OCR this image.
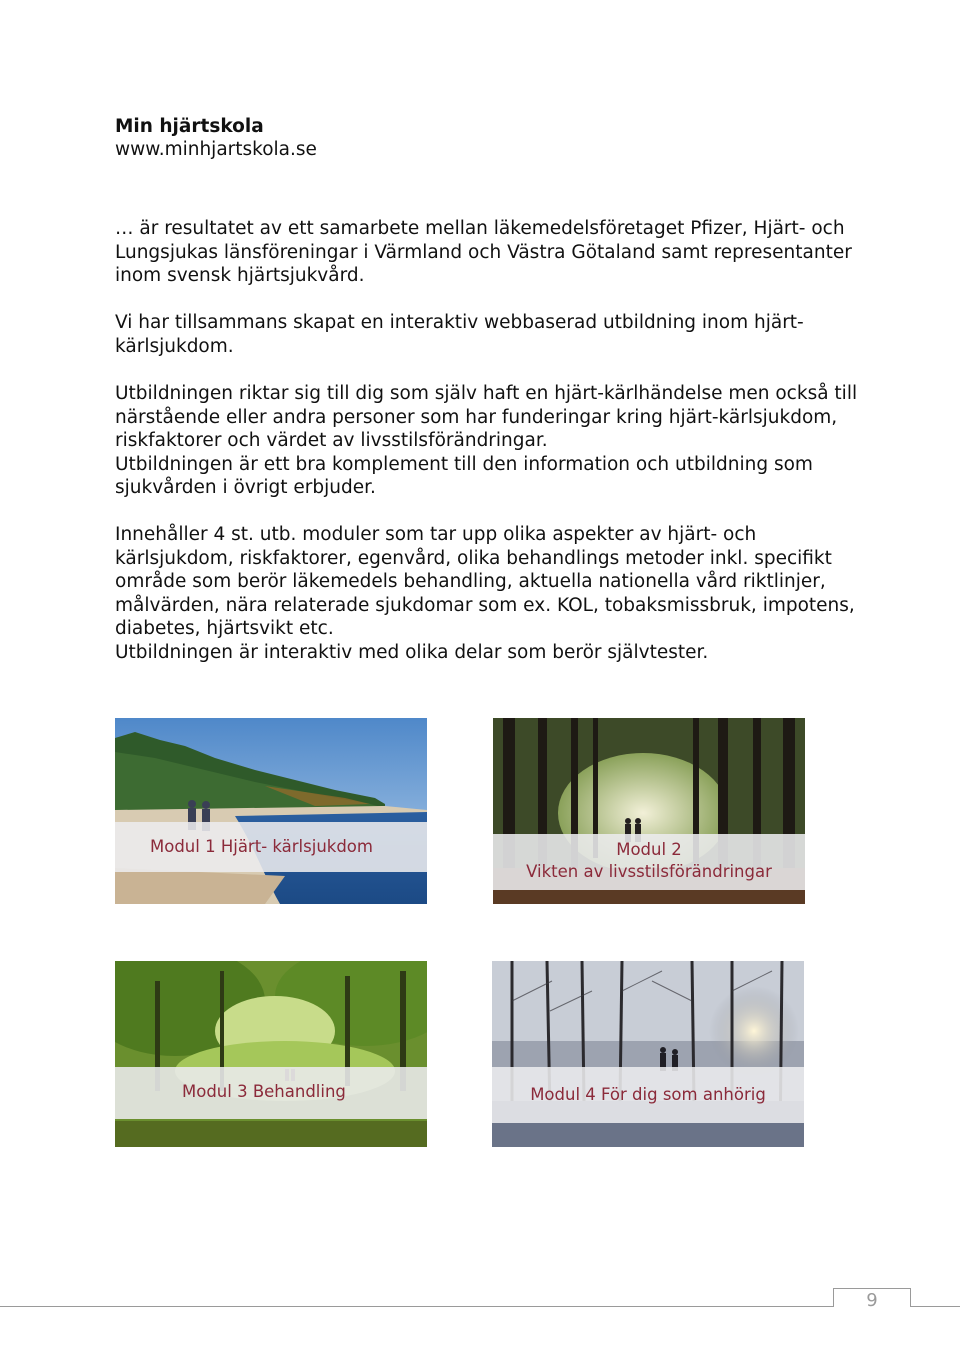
Min hjärtskola
www.minhjartskola.se

… är resultatet av ett samarbete mellan läkemedelsföretaget Pfizer, Hjärt- och Lungsjukas länsföreningar i Värmland och Västra Götaland samt representanter inom svensk hjärtsjukvård.

Vi har tillsammans skapat en interaktiv webbaserad utbildning inom hjärt-kärlsjukdom.

Utbildningen riktar sig till dig som själv haft en hjärt-kärlhändelse men också till närstående eller andra personer som har funderingar kring hjärt-kärlsjukdom, riskfaktorer och värdet av livsstilsförändringar.

Utbildningen är ett bra komplement till den information och utbildning som sjukvården i övrigt erbjuder.

Innehåller 4 st. utb. moduler som tar upp olika aspekter av hjärt- och kärlsjukdom, riskfaktorer, egenvård, olika behandlings metoder inkl. specifikt område som berör läkemedels behandling, aktuella nationella vård riktlinjer, målvärden, nära relaterade sjukdomar som ex. KOL, tobaksmissbruk, impotens, diabetes, hjärtsvikt etc.

Utbildningen är interaktiv med olika delar som berör självtester.

Modul 1 Hjärt- kärlsjukdom	Modul 2
Vikten av livsstilsförändringar
Modul 3 Behandling	Modul 4 För dig som anhörig
9
